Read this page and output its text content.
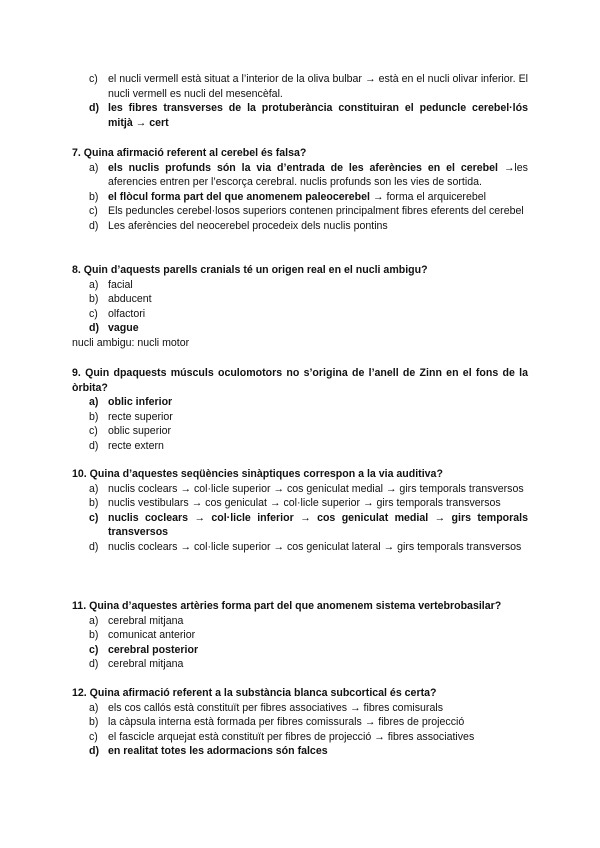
c) el nucli vermell està situat a l’interior de la oliva bulbar → està en el nucli olivar inferior. El nucli vermell es nucli del mesencèfal.
d) les fibres transverses de la protuberància constituiran el peduncle cerebel·lós mitjà → cert

7. Quina afirmació referent al cerebel és falsa?

a) els nuclis profunds són la via d’entrada de les aferències en el cerebel →les aferencies entren per l’escorça cerebral. nuclis profunds son les vies de sortida.
b) el flòcul forma part del que anomenem paleocerebel → forma el arquicerebel
c) Els peduncles cerebel·losos superiors contenen principalment fibres eferents del cerebel
d) Les aferències del neocerebel procedeix dels nuclis pontins

8. Quin d’aquests parells cranials té un origen real en el nucli ambigu?

a) facial
b) abducent
c) olfactori
d) vague

nucli ambigu: nucli motor

9. Quin dpaquests músculs oculomotors no s’origina de l’anell de Zinn en el fons de la òrbita?

a) oblic inferior
b) recte superior
c) oblic superior
d) recte extern

10. Quina d’aquestes seqüències sinàptiques correspon a la via auditiva?

a) nuclis coclears → col·licle superior → cos geniculat medial → girs temporals transversos
b) nuclis vestibulars → cos geniculat → col·licle superior → girs temporals transversos
c) nuclis coclears → col·licle inferior → cos geniculat medial → girs temporals transversos
d) nuclis coclears → col·licle superior → cos geniculat lateral → girs temporals transversos

11. Quina d’aquestes artèries forma part del que anomenem sistema vertebrobasilar?

a) cerebral mitjana
b) comunicat anterior
c) cerebral posterior
d) cerebral mitjana

12. Quina afirmació referent a la substància blanca subcortical és certa?

a) els cos callós està constituït per fibres associatives → fibres comisurals
b) la càpsula interna està formada per fibres comissurals → fibres de projecció
c) el fascicle arquejat està constituït per fibres de projecció → fibres associatives
d) en realitat totes les adormacions són falces
